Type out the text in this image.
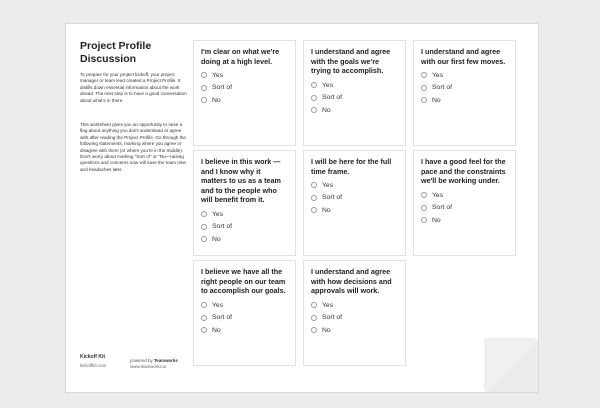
Project Profile Discussion

To prepare for your project kickoff, your project manager or team lead created a Project Profile. It distills down essential information about the work ahead. The next step is to have a good conversation about what's in there.

This worksheet gives you an opportunity to raise a flag about anything you don't understand or agree with after reading the Project Profile. Go through the following statements, marking where you agree or disagree with them (or where you're in the middle). Don't worry about marking "Sort of" or "No—raising questions and concerns now will save the team time and headaches later.

Kickoff Kit
kickoffkit.com
powered by Teamworks
www.teamworks.is

I'm clear on what we're doing at a high level.

Yes
Sort of
No

I understand and agree with the goals we're trying to accomplish.

Yes
Sort of
No

I understand and agree with our first few moves.

Yes
Sort of
No

I believe in this work — and I know why it matters to us as a team and to the people who will benefit from it.

Yes
Sort of
No

I will be here for the full time frame.

Yes
Sort of
No

I have a good feel for the pace and the constraints we'll be working under.

Yes
Sort of
No

I believe we have all the right people on our team to accomplish our goals.

Yes
Sort of
No

I understand and agree with how decisions and approvals will work.

Yes
Sort of
No
